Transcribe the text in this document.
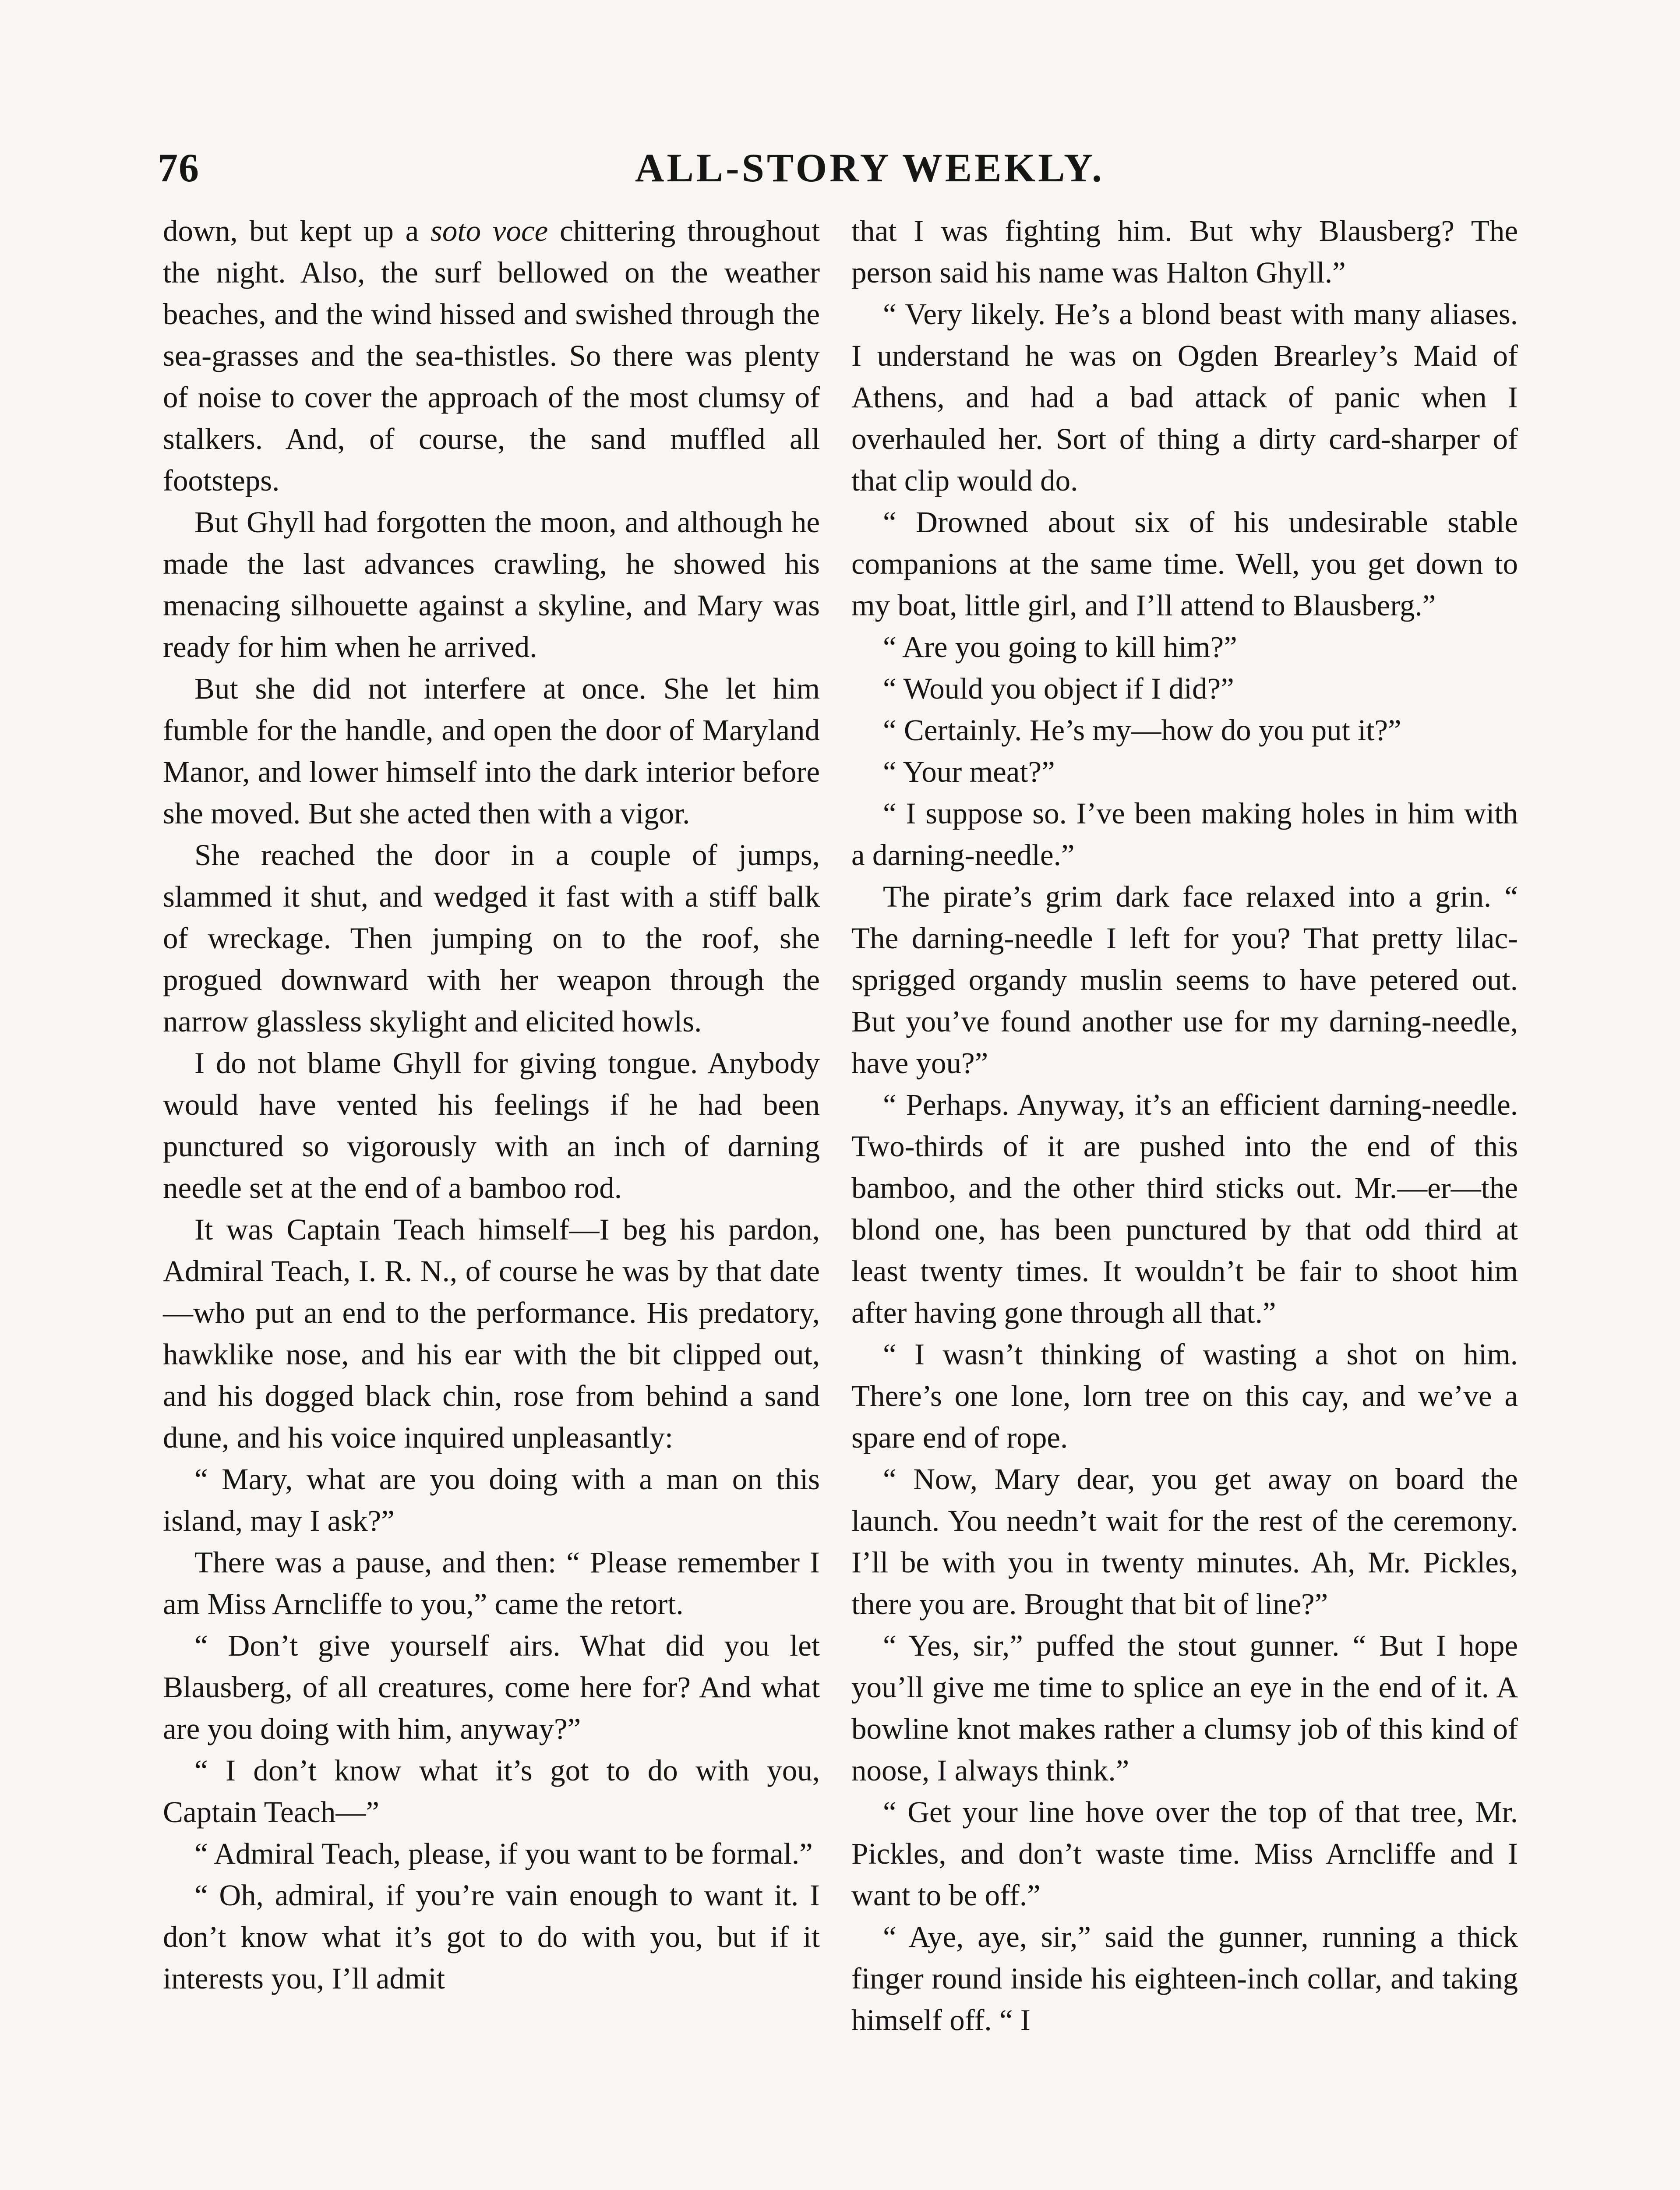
76	ALL-STORY WEEKLY.

down, but kept up a soto voce chittering throughout the night. Also, the surf bellowed on the weather beaches, and the wind hissed and swished through the sea-grasses and the sea-thistles. So there was plenty of noise to cover the approach of the most clumsy of stalkers. And, of course, the sand muffled all footsteps.

But Ghyll had forgotten the moon, and although he made the last advances crawling, he showed his menacing silhouette against a skyline, and Mary was ready for him when he arrived.

But she did not interfere at once. She let him fumble for the handle, and open the door of Maryland Manor, and lower himself into the dark interior before she moved. But she acted then with a vigor.

She reached the door in a couple of jumps, slammed it shut, and wedged it fast with a stiff balk of wreckage. Then jumping on to the roof, she progued downward with her weapon through the narrow glassless skylight and elicited howls.

I do not blame Ghyll for giving tongue. Anybody would have vented his feelings if he had been punctured so vigorously with an inch of darning needle set at the end of a bamboo rod.

It was Captain Teach himself—I beg his pardon, Admiral Teach, I. R. N., of course he was by that date—who put an end to the performance. His predatory, hawklike nose, and his ear with the bit clipped out, and his dogged black chin, rose from behind a sand dune, and his voice inquired unpleasantly:

“ Mary, what are you doing with a man on this island, may I ask?”

There was a pause, and then: “ Please remember I am Miss Arncliffe to you,” came the retort.

“ Don’t give yourself airs. What did you let Blausberg, of all creatures, come here for? And what are you doing with him, anyway?”

“ I don’t know what it’s got to do with you, Captain Teach—”

“ Admiral Teach, please, if you want to be formal.”

“ Oh, admiral, if you’re vain enough to want it. I don’t know what it’s got to do with you, but if it interests you, I’ll admit

that I was fighting him. But why Blausberg? The person said his name was Halton Ghyll.”

“ Very likely. He’s a blond beast with many aliases. I understand he was on Ogden Brearley’s Maid of Athens, and had a bad attack of panic when I overhauled her. Sort of thing a dirty card-sharper of that clip would do.

“ Drowned about six of his undesirable stable companions at the same time. Well, you get down to my boat, little girl, and I’ll attend to Blausberg.”

“ Are you going to kill him?”

“ Would you object if I did?”

“ Certainly. He’s my—how do you put it?”

“ Your meat?”

“ I suppose so. I’ve been making holes in him with a darning-needle.”

The pirate’s grim dark face relaxed into a grin. “ The darning-needle I left for you? That pretty lilac-sprigged organdy muslin seems to have petered out. But you’ve found another use for my darning-needle, have you?”

“ Perhaps. Anyway, it’s an efficient darning-needle. Two-thirds of it are pushed into the end of this bamboo, and the other third sticks out. Mr.—er—the blond one, has been punctured by that odd third at least twenty times. It wouldn’t be fair to shoot him after having gone through all that.”

“ I wasn’t thinking of wasting a shot on him. There’s one lone, lorn tree on this cay, and we’ve a spare end of rope.

“ Now, Mary dear, you get away on board the launch. You needn’t wait for the rest of the ceremony. I’ll be with you in twenty minutes. Ah, Mr. Pickles, there you are. Brought that bit of line?”

“ Yes, sir,” puffed the stout gunner. “ But I hope you’ll give me time to splice an eye in the end of it. A bowline knot makes rather a clumsy job of this kind of noose, I always think.”

“ Get your line hove over the top of that tree, Mr. Pickles, and don’t waste time. Miss Arncliffe and I want to be off.”

“ Aye, aye, sir,” said the gunner, running a thick finger round inside his eighteen-inch collar, and taking himself off. “ I
